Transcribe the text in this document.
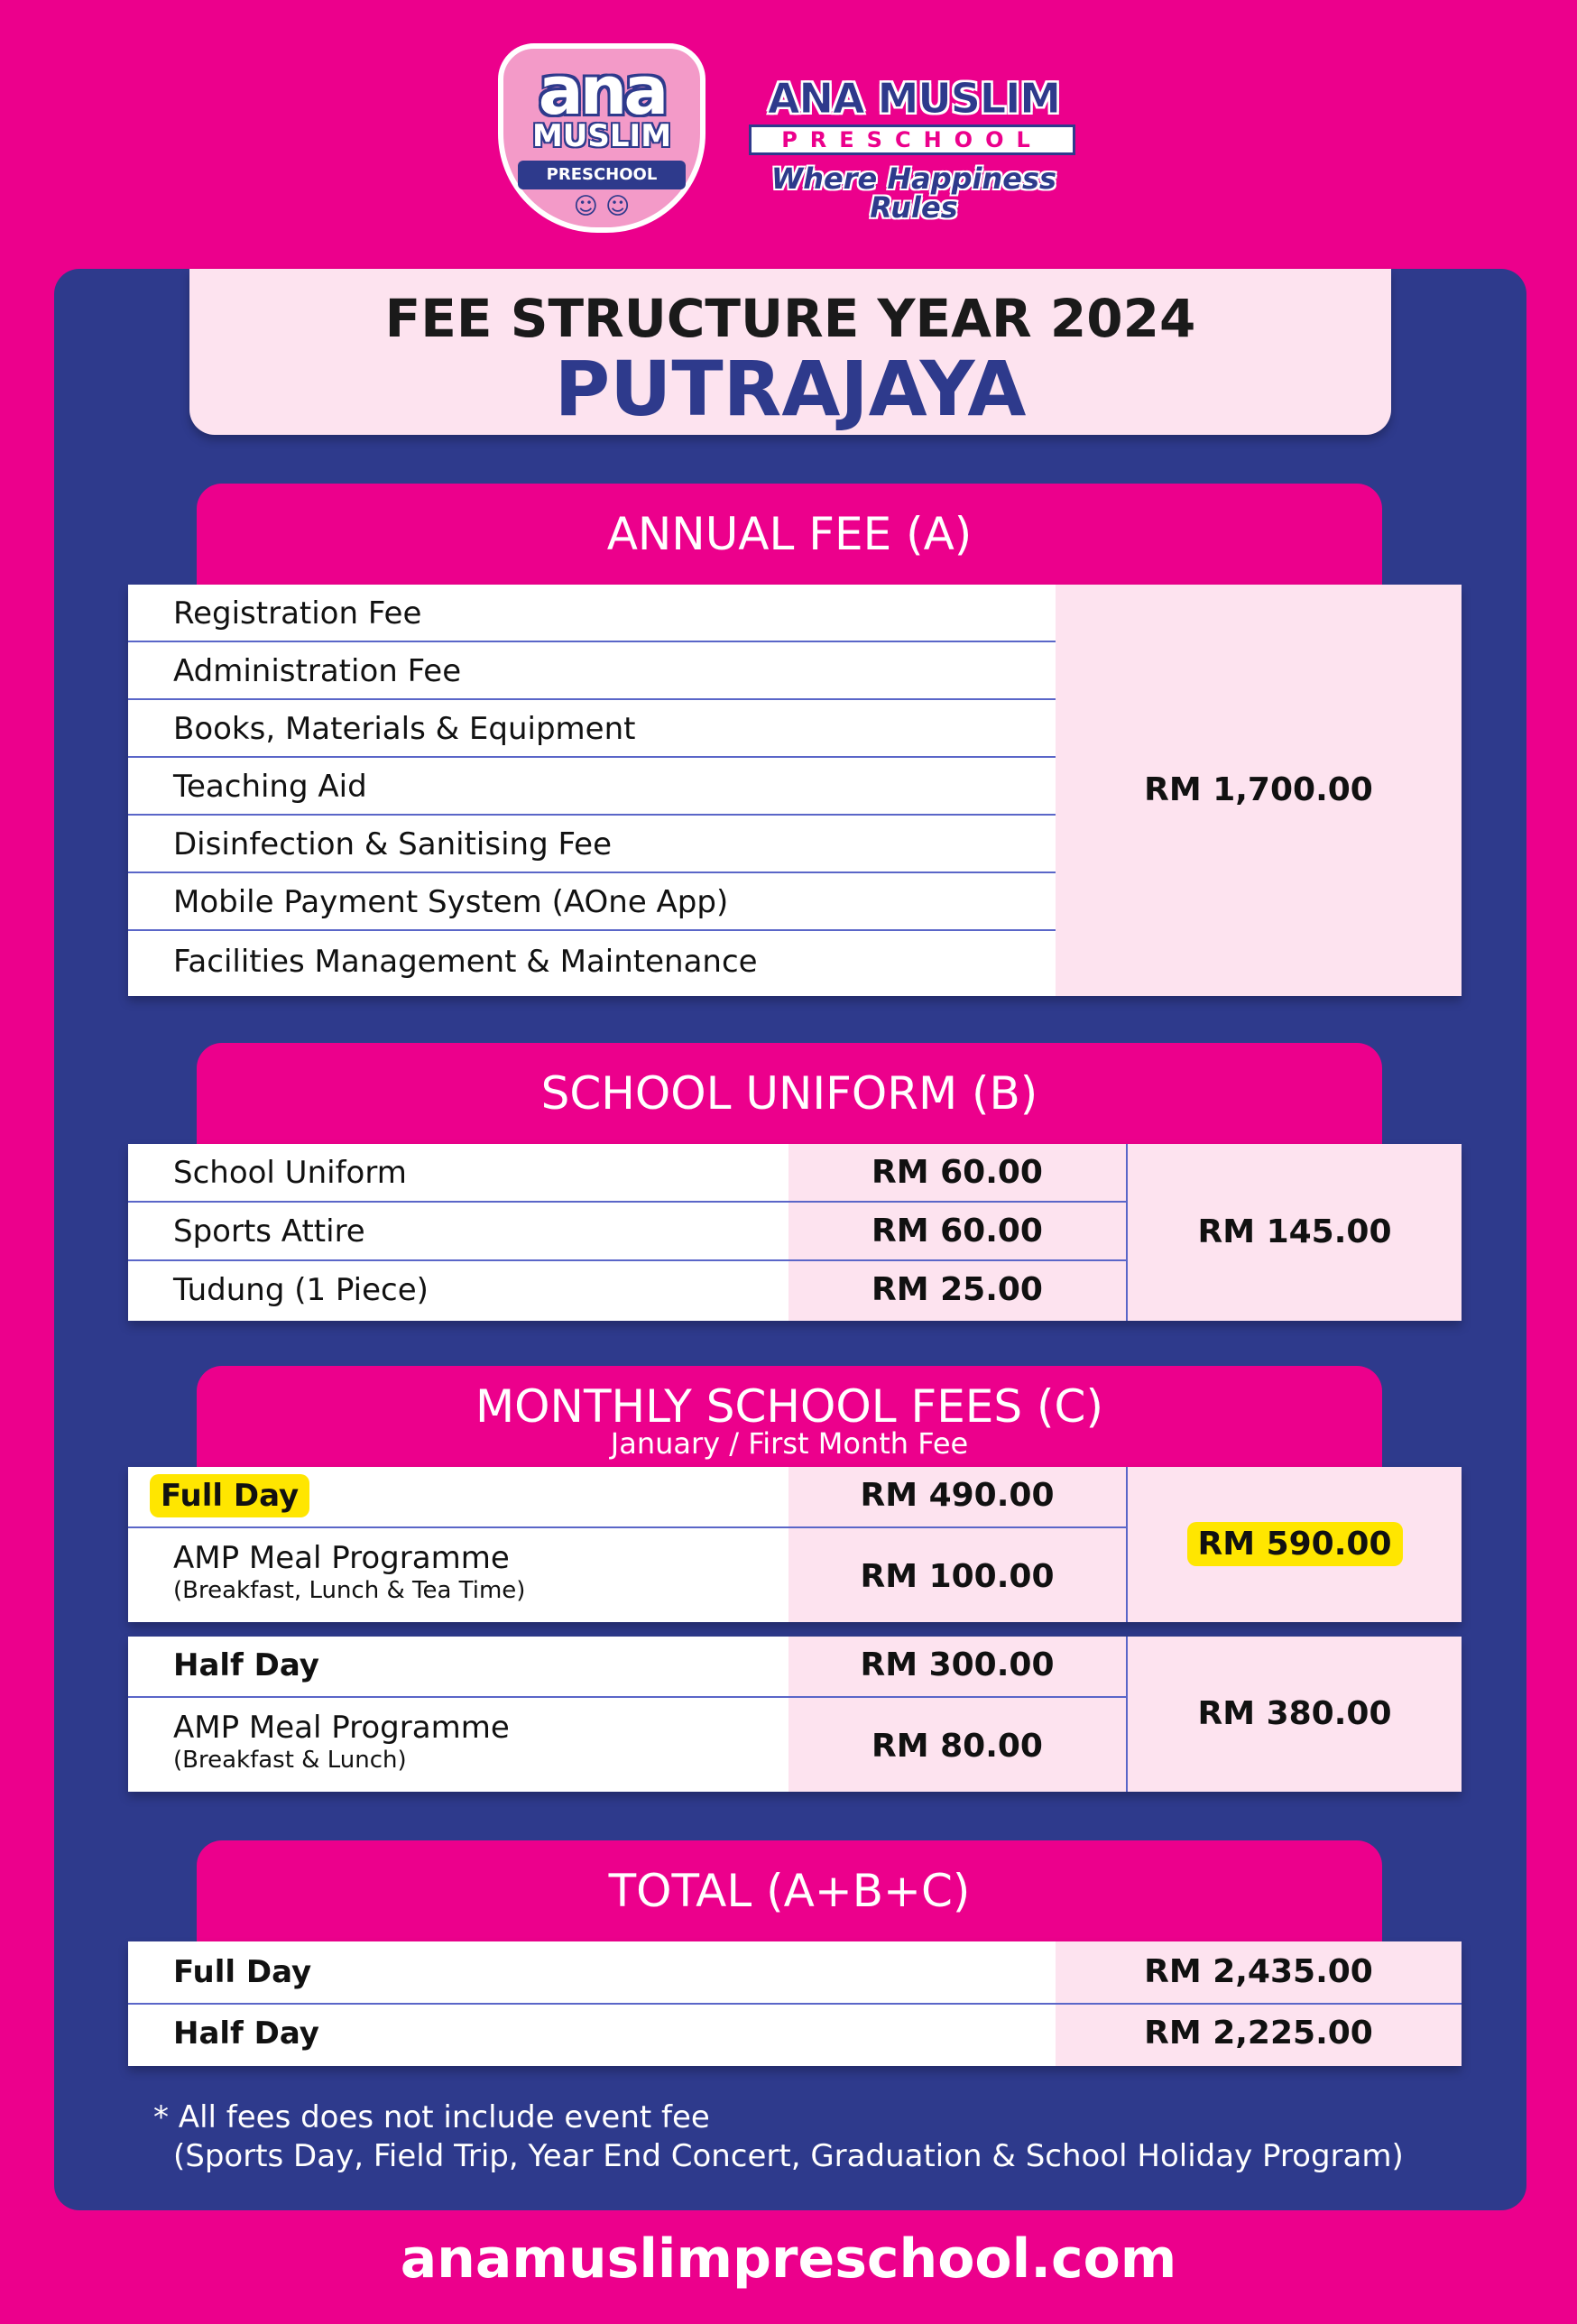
ana
MUSLIM
PRESCHOOL
☺ ☺
ANA MUSLIM
PRESCHOOL
Where Happiness Rules
FEE STRUCTURE YEAR 2024
PUTRAJAYA
ANNUAL FEE (A)
RM 1,700.00
Registration Fee
Administration Fee
Books, Materials & Equipment
Teaching Aid
Disinfection & Sanitising Fee
Mobile Payment System (AOne App)
Facilities Management & Maintenance
SCHOOL UNIFORM (B)
School Uniform	RM 60.00
Sports Attire	RM 60.00
Tudung (1 Piece)	RM 25.00
RM 145.00
MONTHLY SCHOOL FEES (C)
January / First Month Fee
Full Day	RM 490.00
AMP Meal Programme
(Breakfast, Lunch & Tea Time)	RM 100.00
RM 590.00
Half Day	RM 300.00
AMP Meal Programme
(Breakfast & Lunch)	RM 80.00
RM 380.00
TOTAL (A+B+C)
Full Day	RM 2,435.00
Half Day	RM 2,225.00
* All fees does not include event fee
(Sports Day, Field Trip, Year End Concert, Graduation & School Holiday Program)
anamuslimpreschool.com
